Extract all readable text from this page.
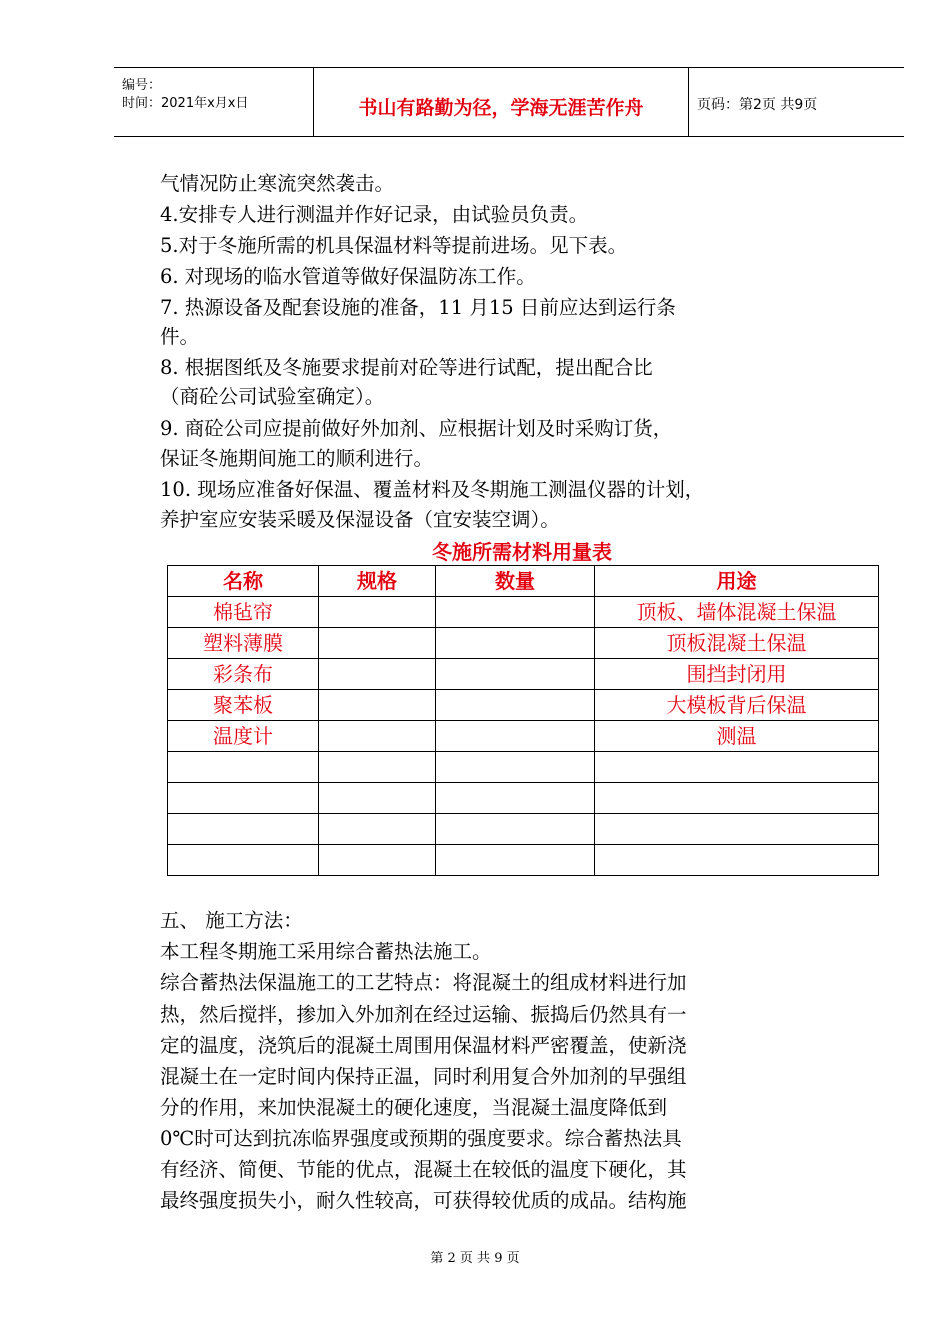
编号：
时间：2021年x月x日	书山有路勤为径，学海无涯苦作舟	页码：第2页 共9页
气情况防止寒流突然袭击。
4.安排专人进行测温并作好记录，由试验员负责。
5.对于冬施所需的机具保温材料等提前进场。见下表。
6. 对现场的临水管道等做好保温防冻工作。
7. 热源设备及配套设施的准备，11 月15 日前应达到运行条
件。
8. 根据图纸及冬施要求提前对砼等进行试配，提出配合比
（商砼公司试验室确定）。
9. 商砼公司应提前做好外加剂、应根据计划及时采购订货，
保证冬施期间施工的顺利进行。
10. 现场应准备好保温、覆盖材料及冬期施工测温仪器的计划，
养护室应安装采暖及保湿设备（宜安装空调）。
冬施所需材料用量表
名称	规格	数量	用途
棉毡帘			顶板、墙体混凝土保温
塑料薄膜			顶板混凝土保温
彩条布			围挡封闭用
聚苯板			大模板背后保温
温度计			测温

五、 施工方法：
本工程冬期施工采用综合蓄热法施工。
综合蓄热法保温施工的工艺特点：将混凝土的组成材料进行加
热，然后搅拌，掺加入外加剂在经过运输、振捣后仍然具有一
定的温度，浇筑后的混凝土周围用保温材料严密覆盖，使新浇
混凝土在一定时间内保持正温，同时利用复合外加剂的早强组
分的作用，来加快混凝土的硬化速度，当混凝土温度降低到
0℃时可达到抗冻临界强度或预期的强度要求。综合蓄热法具
有经济、简便、节能的优点，混凝土在较低的温度下硬化，其
最终强度损失小，耐久性较高，可获得较优质的成品。结构施
第 2 页 共 9 页
